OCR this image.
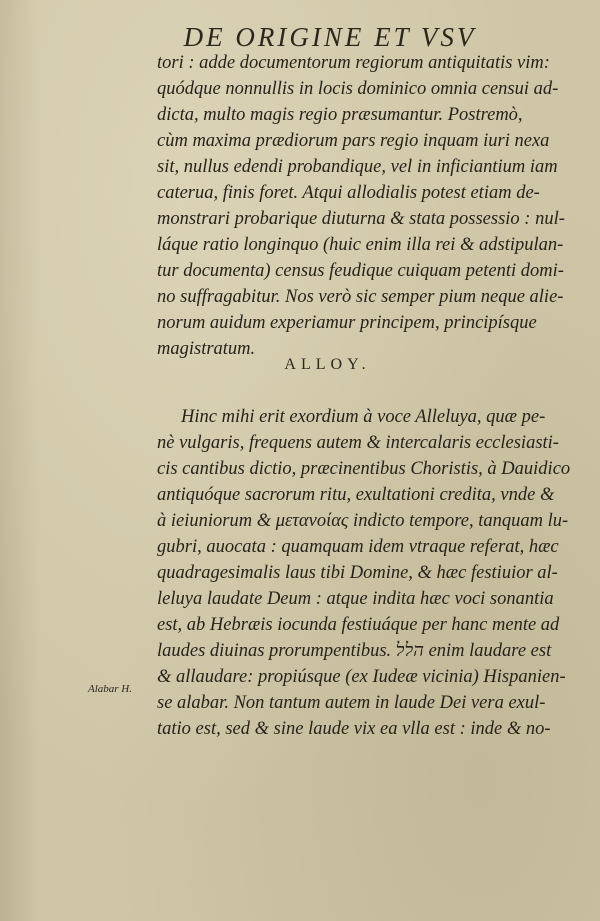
DE ORIGINE ET VSV
tori : adde documentorum regiorum antiquitatis vim:
quódque nonnullis in locis dominico omnia censui ad-
dicta, multo magis regio præsumantur. Postremò,
cùm maxima prædiorum pars regio inquam iuri nexa
sit, nullus edendi probandique, vel in inficiantium iam
caterua, finis foret. Atqui allodialis potest etiam de-
monstrari probarique diuturna & stata possessio : nul-
láque ratio longinquo (huic enim illa rei & adstipulan-
tur documenta) census feudique cuiquam petenti domi-
no suffragabitur. Nos verò sic semper pium neque alie-
norum auidum experiamur principem, principísque
magistratum.
ALLOY.
Hinc mihi erit exordium à voce Alleluya, quæ pe-
nè vulgaris, frequens autem & intercalaris ecclesiasti-
cis cantibus dictio, præcinentibus Choristis, à Dauidico
antiquóque sacrorum ritu, exultationi credita, vnde &
à ieiuniorum & μετανοίας indicto tempore, tanquam lu-
gubri, auocata : quamquam idem vtraque referat, hæc
quadragesimalis laus tibi Domine, & hæc festiuior al-
leluya laudate Deum : atque indita hæc voci sonantia
est, ab Hebræis iocunda festiuáque per hanc mente ad
laudes diuinas prorumpentibus. הלל enim laudare est
& allaudare: propiúsque (ex Iudeæ vicinia) Hispanien-
se alabar. Non tantum autem in laude Dei vera exul-
tatio est, sed & sine laude vix ea vlla est : inde & no-
Alabar H.
